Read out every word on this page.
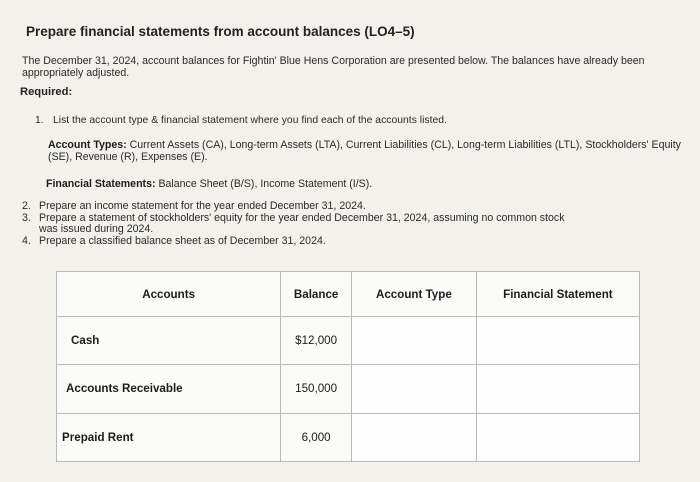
Prepare financial statements from account balances (LO4–5)
The December 31, 2024, account balances for Fightin' Blue Hens Corporation are presented below. The balances have already been appropriately adjusted.
Required:
1. List the account type & financial statement where you find each of the accounts listed.
Account Types: Current Assets (CA), Long-term Assets (LTA), Current Liabilities (CL), Long-term Liabilities (LTL), Stockholders' Equity (SE), Revenue (R), Expenses (E).
Financial Statements: Balance Sheet (B/S), Income Statement (I/S).
2. Prepare an income statement for the year ended December 31, 2024.
3. Prepare a statement of stockholders' equity for the year ended December 31, 2024, assuming no common stock
was issued during 2024.
4. Prepare a classified balance sheet as of December 31, 2024.
Accounts	Balance	Account Type	Financial Statement
Cash	$12,000		
Accounts Receivable	150,000		
Prepaid Rent	6,000		
